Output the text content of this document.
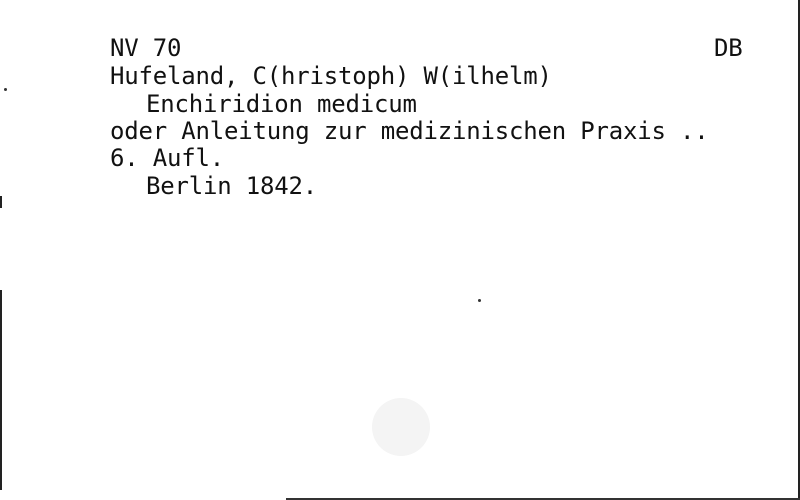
NV 70	DB
Hufeland, C(hristoph) W(ilhelm)
Enchiridion medicum
oder Anleitung zur medizinischen Praxis ..
6. Aufl.
Berlin 1842.
